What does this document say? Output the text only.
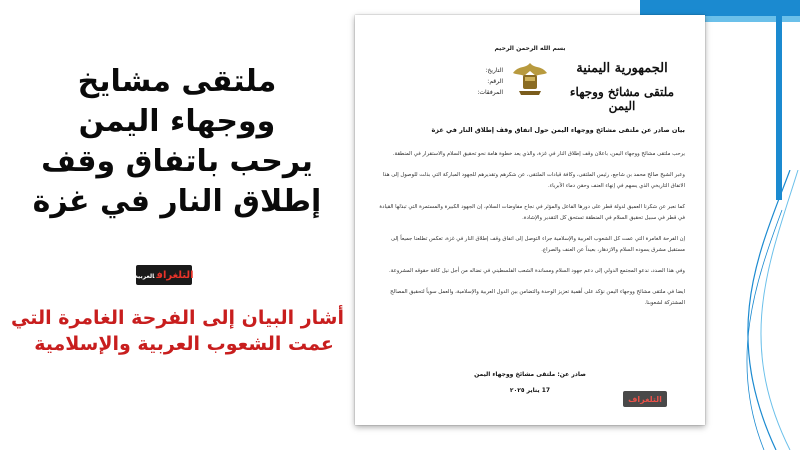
ملتقى مشايخ
ووجهاء اليمن
يرحب باتفاق وقف
إطلاق النار في غزة
التلغرافالعربية
أشار البيان إلى الفرحة الغامرة التي
عمت الشعوب العربية والإسلامية
بسم الله الرحمن الرحيم
الجمهورية اليمنية
ملتقى مشائخ ووجهاء اليمن
التاريخ:
الرقم:
المرفقات:
بيان صادر عن ملتقى مشائخ ووجهاء اليمن حول اتفاق وقف إطلاق النار في غزة

يرحب ملتقى مشائخ ووجهاء اليمن، باعلان وقف إطلاق النار في غزة، والذي يعد خطوة هامة نحو تحقيق السلام والاستقرار في المنطقة.

وعبر الشيخ صالح محمد بن شاجع، رئيس الملتقى، وكافة قيادات الملتقى، عن شكرهم وتقديرهم للجهود المباركة التي بذلت للوصول إلى هذا الاتفاق التاريخي الذي يسهم في إنهاء العنف وحقن دماء الأبرياء.

كما نعبر عن شكرنا العميق لدولة قطر على دورها الفاعل والمؤثر في نجاح مفاوضات السلام، إن الجهود الكبيرة والمستمرة التي تبذلها القيادة في قطر في سبيل تحقيق السلام في المنطقة تستحق كل التقدير والإشادة.

إن الفرحة الغامرة التي عمت كل الشعوب العربية والإسلامية جراء التوصل إلى اتفاق وقف إطلاق النار في غزة، تعكس تطلعنا جميعاً إلى مستقبل مشرق يسوده السلام والازدهار، بعيداً عن العنف والصراع.

وفي هذا الصدد، ندعو المجتمع الدولي إلى دعم جهود السلام ومساندة الشعب الفلسطيني في نضاله من أجل نيل كافة حقوقه المشروعة.

ايضا في ملتقى مشائخ ووجهاء اليمن نؤكد على أهمية تعزيز الوحدة والتضامن بين الدول العربية والإسلامية، والعمل سوياً لتحقيق المصالح المشتركة لشعوبنا.

صادر عن: ملتقى مشائخ ووجهاء اليمن
17 يناير ٢٠٢٥
التلغراف
